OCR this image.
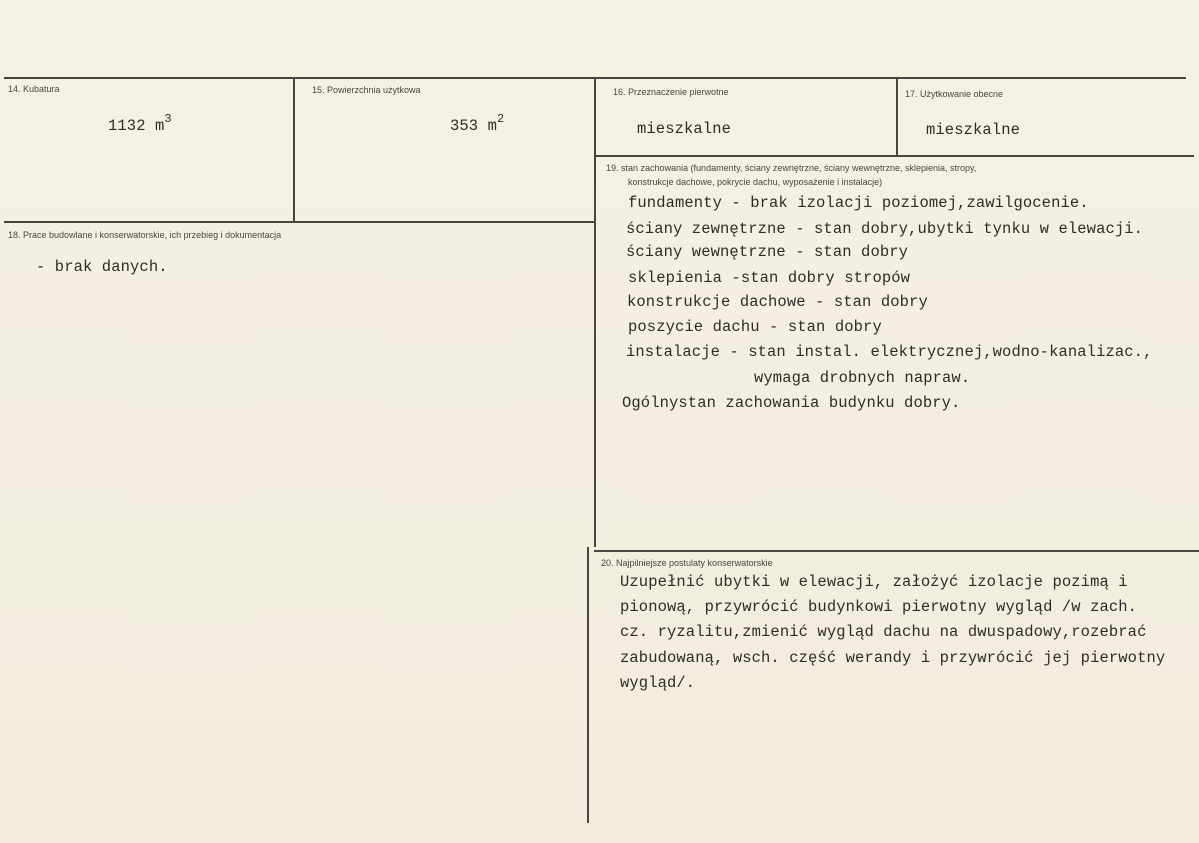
14. Kubatura
1132 $m^3$
15. Powierzchnia użytkowa
353 $m^2$
16. Przeznaczenie pierwotne
mieszkalne
17. Użytkowanie obecne
mieszkalne
18. Prace budowlane i konserwatorskie, ich przebieg i dokumentacja
- brak danych.
19. stan zachowania (fundamenty, ściany zewnętrzne, ściany wewnętrzne, sklepienia, stropy,
konstrukcje dachowe, pokrycie dachu, wyposażenie i instalacje)
fundamenty - brak izolacji poziomej,zawilgocenie.
ściany zewnętrzne - stan dobry,ubytki tynku w elewacji.
ściany wewnętrzne - stan dobry
sklepienia -stan dobry stropów
konstrukcje dachowe - stan dobry
poszycie dachu - stan dobry
instalacje - stan instal. elektrycznej,wodno-kanalizac.,
wymaga drobnych napraw.
Ogólnystan zachowania budynku dobry.
20. Najpilniejsze postulaty konserwatorskie
Uzupełnić ubytki w elewacji, założyć izolacje pozimą i
pionową, przywrócić budynkowi pierwotny wygląd /w zach.
cz. ryzalitu,zmienić wygląd dachu na dwuspadowy,rozebrać
zabudowaną, wsch. część werandy i przywrócić jej pierwotny
wygląd/.
